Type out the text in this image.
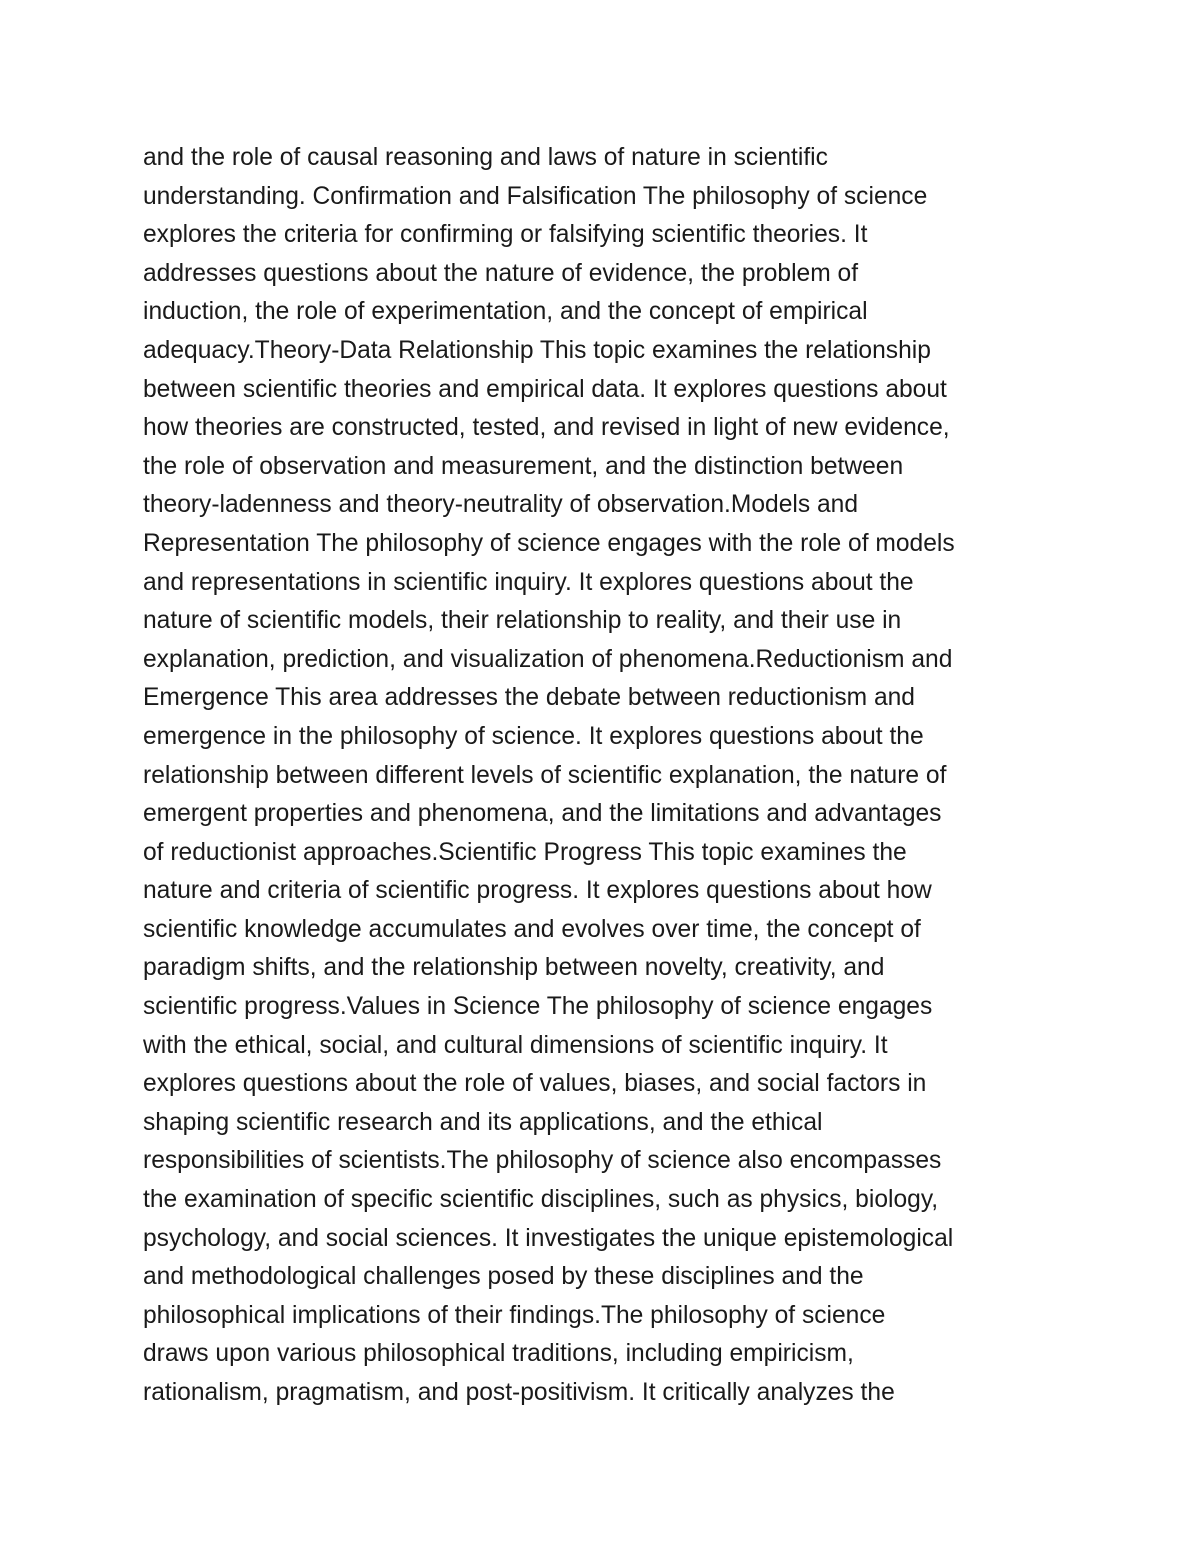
and the role of causal reasoning and laws of nature in scientific
understanding. Confirmation and Falsification The philosophy of science
explores the criteria for confirming or falsifying scientific theories. It
addresses questions about the nature of evidence, the problem of
induction, the role of experimentation, and the concept of empirical
adequacy.Theory-Data Relationship This topic examines the relationship
between scientific theories and empirical data. It explores questions about
how theories are constructed, tested, and revised in light of new evidence,
the role of observation and measurement, and the distinction between
theory-ladenness and theory-neutrality of observation.Models and
Representation The philosophy of science engages with the role of models
and representations in scientific inquiry. It explores questions about the
nature of scientific models, their relationship to reality, and their use in
explanation, prediction, and visualization of phenomena.Reductionism and
Emergence This area addresses the debate between reductionism and
emergence in the philosophy of science. It explores questions about the
relationship between different levels of scientific explanation, the nature of
emergent properties and phenomena, and the limitations and advantages
of reductionist approaches.Scientific Progress This topic examines the
nature and criteria of scientific progress. It explores questions about how
scientific knowledge accumulates and evolves over time, the concept of
paradigm shifts, and the relationship between novelty, creativity, and
scientific progress.Values in Science The philosophy of science engages
with the ethical, social, and cultural dimensions of scientific inquiry. It
explores questions about the role of values, biases, and social factors in
shaping scientific research and its applications, and the ethical
responsibilities of scientists.The philosophy of science also encompasses
the examination of specific scientific disciplines, such as physics, biology,
psychology, and social sciences. It investigates the unique epistemological
and methodological challenges posed by these disciplines and the
philosophical implications of their findings.The philosophy of science
draws upon various philosophical traditions, including empiricism,
rationalism, pragmatism, and post-positivism. It critically analyzes the
